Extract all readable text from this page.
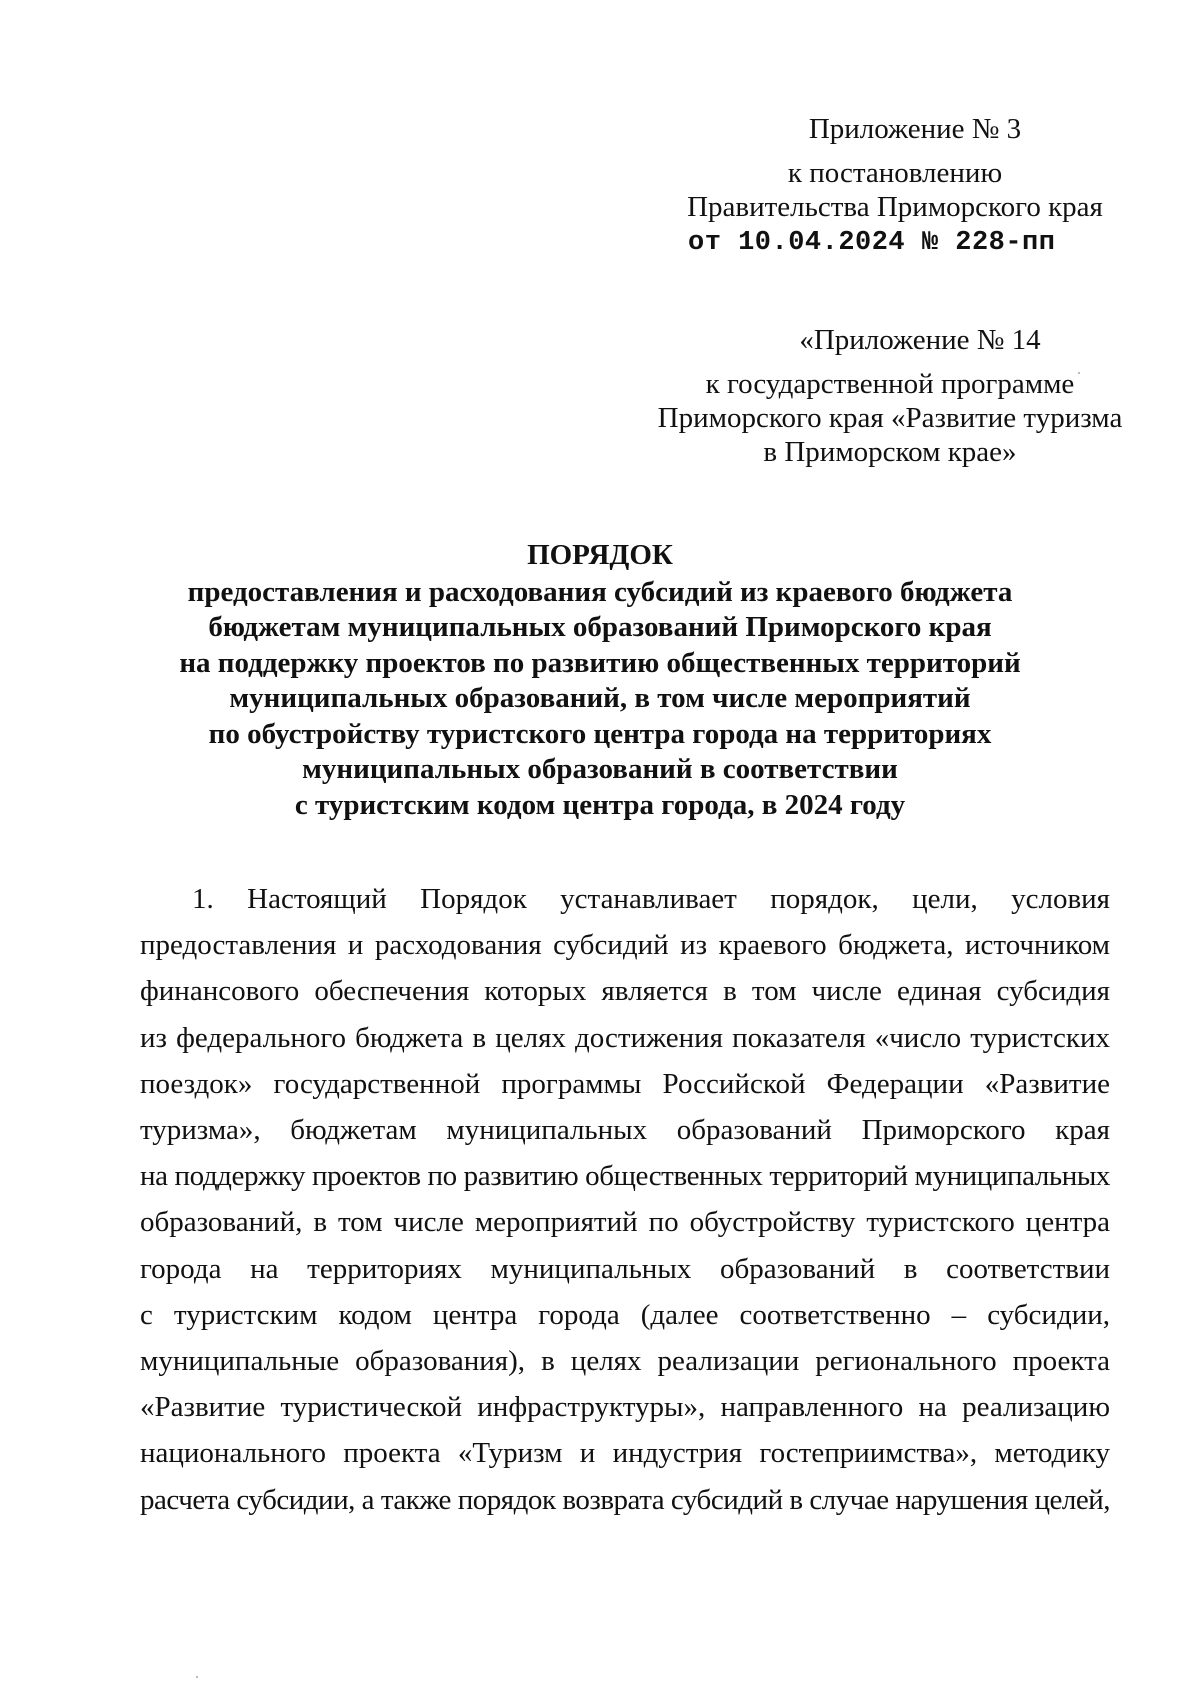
Приложение № 3
к постановлению
Правительства Приморского края
от 10.04.2024 № 228-пп
«Приложение № 14
к государственной программе
Приморского края «Развитие туризма
в Приморском крае»
ПОРЯДОК
предоставления и расходования субсидий из краевого бюджета
бюджетам муниципальных образований Приморского края
на поддержку проектов по развитию общественных территорий
муниципальных образований, в том числе мероприятий
по обустройству туристского центра города на территориях
муниципальных образований в соответствии
с туристским кодом центра города, в 2024 году
1. Настоящий Порядок устанавливает порядок, цели, условия
предоставления и расходования субсидий из краевого бюджета, источником
финансового обеспечения которых является в том числе единая субсидия
из федерального бюджета в целях достижения показателя «число туристских
поездок» государственной программы Российской Федерации «Развитие
туризма», бюджетам муниципальных образований Приморского края
на поддержку проектов по развитию общественных территорий муниципальных
образований, в том числе мероприятий по обустройству туристского центра
города на территориях муниципальных образований в соответствии
с туристским кодом центра города (далее соответственно – субсидии,
муниципальные образования), в целях реализации регионального проекта
«Развитие туристической инфраструктуры», направленного на реализацию
национального проекта «Туризм и индустрия гостеприимства», методику
расчета субсидии, а также порядок возврата субсидий в случае нарушения целей,
